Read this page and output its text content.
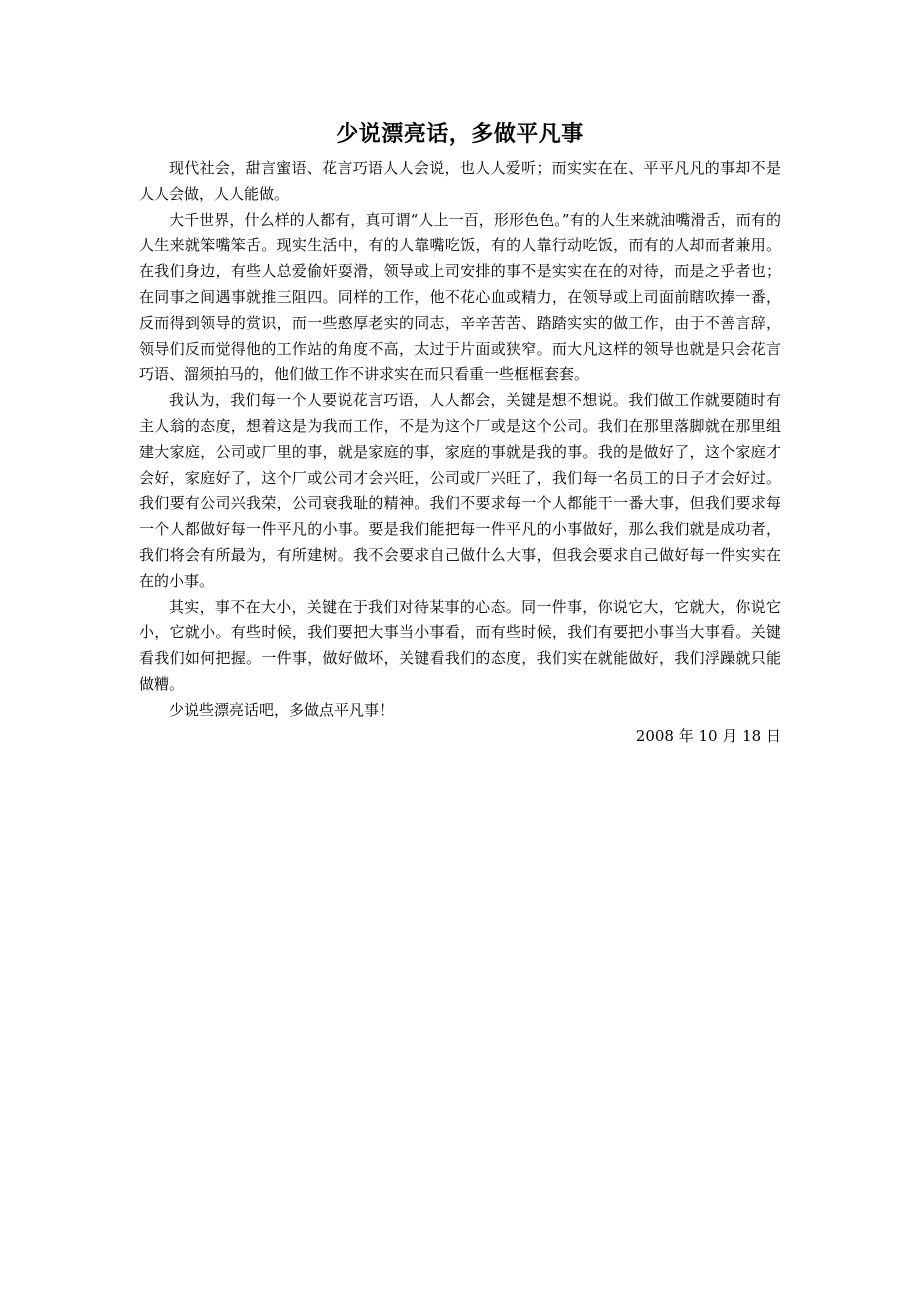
少说漂亮话，多做平凡事

现代社会，甜言蜜语、花言巧语人人会说，也人人爱听；而实实在在、平平凡凡的事却不是人人会做，人人能做。

大千世界，什么样的人都有，真可谓“人上一百，形形色色。”有的人生来就油嘴滑舌，而有的人生来就笨嘴笨舌。现实生活中，有的人靠嘴吃饭，有的人靠行动吃饭，而有的人却而者兼用。在我们身边，有些人总爱偷奸耍滑，领导或上司安排的事不是实实在在的对待，而是之乎者也；在同事之间遇事就推三阻四。同样的工作，他不花心血或精力，在领导或上司面前瞎吹捧一番，反而得到领导的赏识，而一些憨厚老实的同志，辛辛苦苦、踏踏实实的做工作，由于不善言辞，领导们反而觉得他的工作站的角度不高，太过于片面或狭窄。而大凡这样的领导也就是只会花言巧语、溜须拍马的，他们做工作不讲求实在而只看重一些框框套套。

我认为，我们每一个人要说花言巧语，人人都会，关键是想不想说。我们做工作就要随时有主人翁的态度，想着这是为我而工作，不是为这个厂或是这个公司。我们在那里落脚就在那里组建大家庭，公司或厂里的事，就是家庭的事，家庭的事就是我的事。我的是做好了，这个家庭才会好，家庭好了，这个厂或公司才会兴旺，公司或厂兴旺了，我们每一名员工的日子才会好过。我们要有公司兴我荣，公司衰我耻的精神。我们不要求每一个人都能干一番大事，但我们要求每一个人都做好每一件平凡的小事。要是我们能把每一件平凡的小事做好，那么我们就是成功者，我们将会有所最为，有所建树。我不会要求自己做什么大事，但我会要求自己做好每一件实实在在的小事。

其实，事不在大小，关键在于我们对待某事的心态。同一件事，你说它大，它就大，你说它小，它就小。有些时候，我们要把大事当小事看，而有些时候，我们有要把小事当大事看。关键看我们如何把握。一件事，做好做坏，关键看我们的态度，我们实在就能做好，我们浮躁就只能做糟。

少说些漂亮话吧，多做点平凡事！

2008 年 10 月 18 日
